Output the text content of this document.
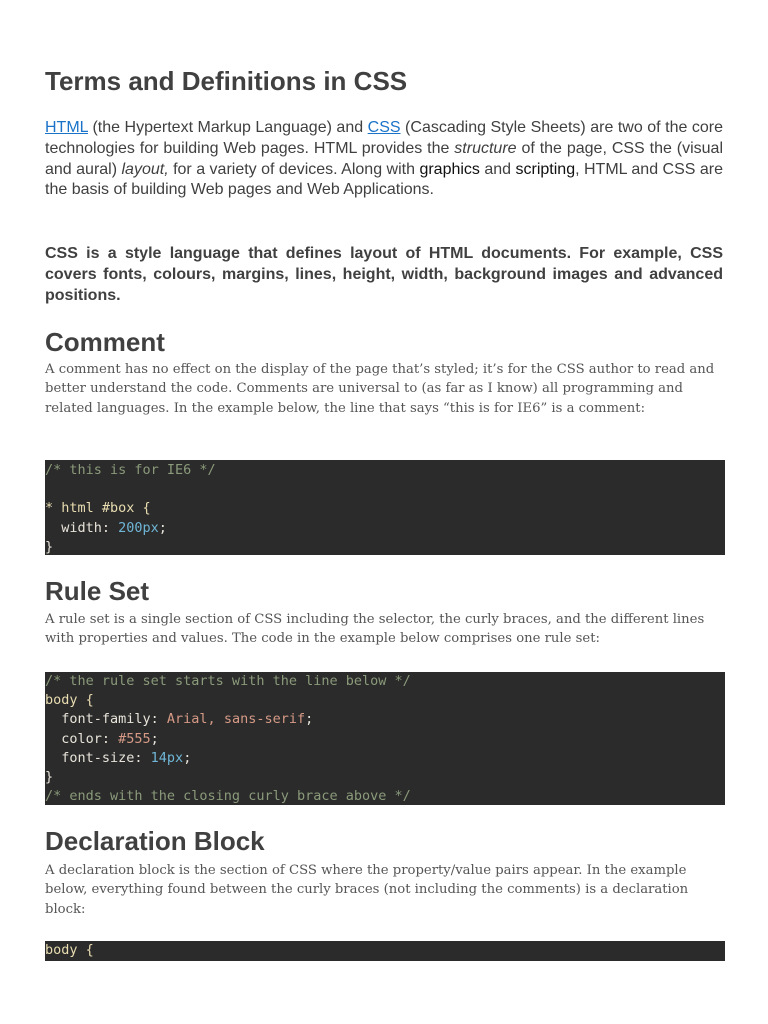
Terms and Definitions in CSS

HTML (the Hypertext Markup Language) and CSS (Cascading Style Sheets) are two of the core technologies for building Web pages. HTML provides the structure of the page, CSS the (visual and aural) layout, for a variety of devices. Along with graphics and scripting, HTML and CSS are the basis of building Web pages and Web Applications.

CSS is a style language that defines layout of HTML documents. For example, CSS covers fonts, colours, margins, lines, height, width, background images and advanced positions.

Comment

A comment has no effect on the display of the page that’s styled; it’s for the CSS author to read and better understand the code. Comments are universal to (as far as I know) all programming and related languages. In the example below, the line that says “this is for IE6” is a comment:

/* this is for IE6 */
* html #box {
width: 200px;
}
Rule Set

A rule set is a single section of CSS including the selector, the curly braces, and the different lines with properties and values. The code in the example below comprises one rule set:

/* the rule set starts with the line below */
body {
font-family: Arial, sans-serif;
color: #555;
font-size: 14px;
}
/* ends with the closing curly brace above */
Declaration Block

A declaration block is the section of CSS where the property/value pairs appear. In the example below, everything found between the curly braces (not including the comments) is a declaration block:

body {
